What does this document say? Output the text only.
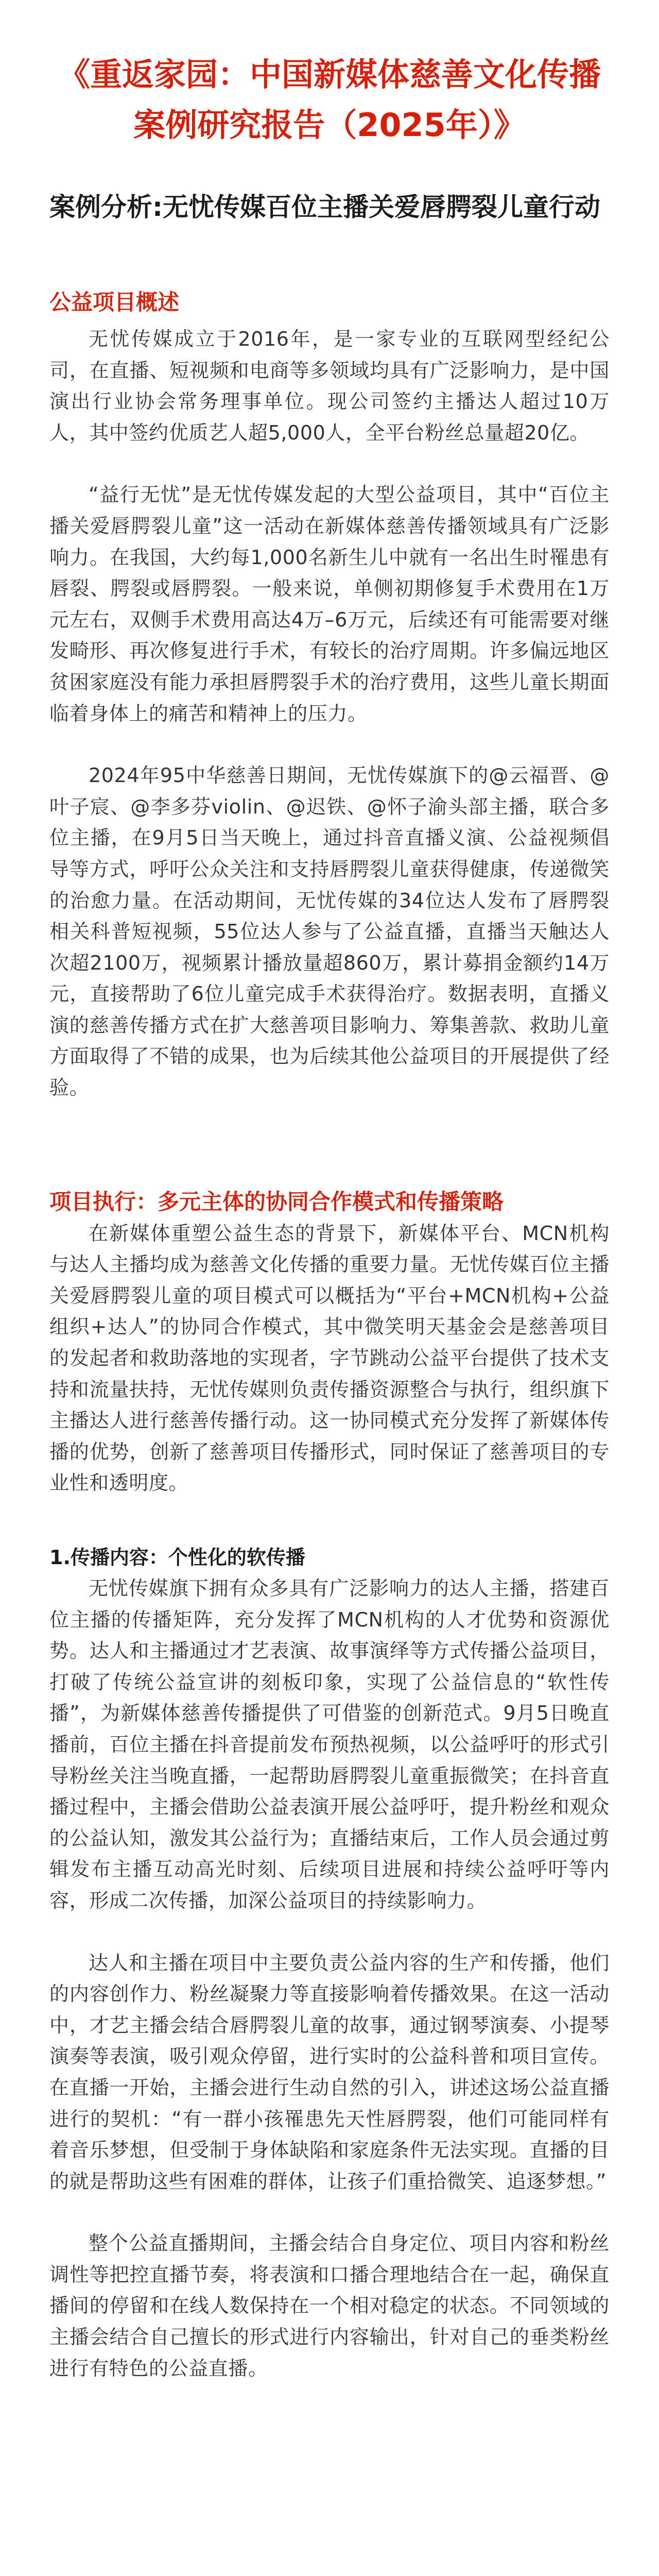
《重返家园：中国新媒体慈善文化传播案例研究报告（2025年）》
案例分析:无忧传媒百位主播关爱唇腭裂儿童行动
公益项目概述

无忧传媒成立于2016年，是一家专业的互联网型经纪公司，在直播、短视频和电商等多领域均具有广泛影响力，是中国演出行业协会常务理事单位。现公司签约主播达人超过10万人，其中签约优质艺人超5,000人，全平台粉丝总量超20亿。

“益行无忧”是无忧传媒发起的大型公益项目，其中“百位主播关爱唇腭裂儿童”这一活动在新媒体慈善传播领域具有广泛影响力。在我国，大约每1,000名新生儿中就有一名出生时罹患有唇裂、腭裂或唇腭裂。一般来说，单侧初期修复手术费用在1万元左右，双侧手术费用高达4万–6万元，后续还有可能需要对继发畸形、再次修复进行手术，有较长的治疗周期。许多偏远地区贫困家庭没有能力承担唇腭裂手术的治疗费用，这些儿童长期面临着身体上的痛苦和精神上的压力。

2024年95中华慈善日期间，无忧传媒旗下的@云福晋、@叶子宸、@李多芬violin、@迟铁、@怀子渝头部主播，联合多位主播，在9月5日当天晚上，通过抖音直播义演、公益视频倡导等方式，呼吁公众关注和支持唇腭裂儿童获得健康，传递微笑的治愈力量。在活动期间，无忧传媒的34位达人发布了唇腭裂相关科普短视频，55位达人参与了公益直播，直播当天触达人次超2100万，视频累计播放量超860万，累计募捐金额约14万元，直接帮助了6位儿童完成手术获得治疗。数据表明，直播义演的慈善传播方式在扩大慈善项目影响力、筹集善款、救助儿童方面取得了不错的成果，也为后续其他公益项目的开展提供了经验。

项目执行：多元主体的协同合作模式和传播策略

在新媒体重塑公益生态的背景下，新媒体平台、MCN机构与达人主播均成为慈善文化传播的重要力量。无忧传媒百位主播关爱唇腭裂儿童的项目模式可以概括为“平台+MCN机构+公益组织+达人”的协同合作模式，其中微笑明天基金会是慈善项目的发起者和救助落地的实现者，字节跳动公益平台提供了技术支持和流量扶持，无忧传媒则负责传播资源整合与执行，组织旗下主播达人进行慈善传播行动。这一协同模式充分发挥了新媒体传播的优势，创新了慈善项目传播形式，同时保证了慈善项目的专业性和透明度。

1.传播内容：个性化的软传播

无忧传媒旗下拥有众多具有广泛影响力的达人主播，搭建百位主播的传播矩阵，充分发挥了MCN机构的人才优势和资源优势。达人和主播通过才艺表演、故事演绎等方式传播公益项目，打破了传统公益宣讲的刻板印象，实现了公益信息的“软性传播”，为新媒体慈善传播提供了可借鉴的创新范式。9月5日晚直播前，百位主播在抖音提前发布预热视频，以公益呼吁的形式引导粉丝关注当晚直播，一起帮助唇腭裂儿童重振微笑；在抖音直播过程中，主播会借助公益表演开展公益呼吁，提升粉丝和观众的公益认知，激发其公益行为；直播结束后，工作人员会通过剪辑发布主播互动高光时刻、后续项目进展和持续公益呼吁等内容，形成二次传播，加深公益项目的持续影响力。

达人和主播在项目中主要负责公益内容的生产和传播，他们的内容创作力、粉丝凝聚力等直接影响着传播效果。在这一活动中，才艺主播会结合唇腭裂儿童的故事，通过钢琴演奏、小提琴演奏等表演，吸引观众停留，进行实时的公益科普和项目宣传。在直播一开始，主播会进行生动自然的引入，讲述这场公益直播进行的契机：“有一群小孩罹患先天性唇腭裂，他们可能同样有着音乐梦想，但受制于身体缺陷和家庭条件无法实现。直播的目的就是帮助这些有困难的群体，让孩子们重拾微笑、追逐梦想。”

整个公益直播期间，主播会结合自身定位、项目内容和粉丝调性等把控直播节奏，将表演和口播合理地结合在一起，确保直播间的停留和在线人数保持在一个相对稳定的状态。不同领域的主播会结合自己擅长的形式进行内容输出，针对自己的垂类粉丝进行有特色的公益直播。
